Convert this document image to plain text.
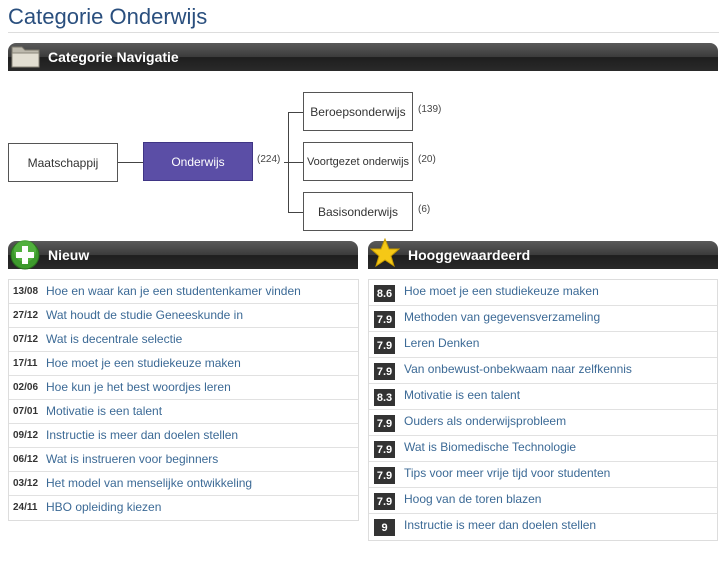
Categorie Onderwijs
Categorie Navigatie
Maatschappij	Onderwijs	(224)
Beroepsonderwijs (139)
Voortgezet onderwijs (20)
Basisonderwijs (6)
Nieuw
13/08 Hoe en waar kan je een studentenkamer vinden
27/12 Wat houdt de studie Geneeskunde in
07/12 Wat is decentrale selectie
17/11 Hoe moet je een studiekeuze maken
02/06 Hoe kun je het best woordjes leren
07/01 Motivatie is een talent
09/12 Instructie is meer dan doelen stellen
06/12 Wat is instrueren voor beginners
03/12 Het model van menselijke ontwikkeling
24/11 HBO opleiding kiezen
Hooggewaardeerd
8.6 Hoe moet je een studiekeuze maken
7.9 Methoden van gegevensverzameling
7.9 Leren Denken
7.9 Van onbewust-onbekwaam naar zelfkennis
8.3 Motivatie is een talent
7.9 Ouders als onderwijsprobleem
7.9 Wat is Biomedische Technologie
7.9 Tips voor meer vrije tijd voor studenten
7.9 Hoog van de toren blazen
9	Instructie is meer dan doelen stellen
